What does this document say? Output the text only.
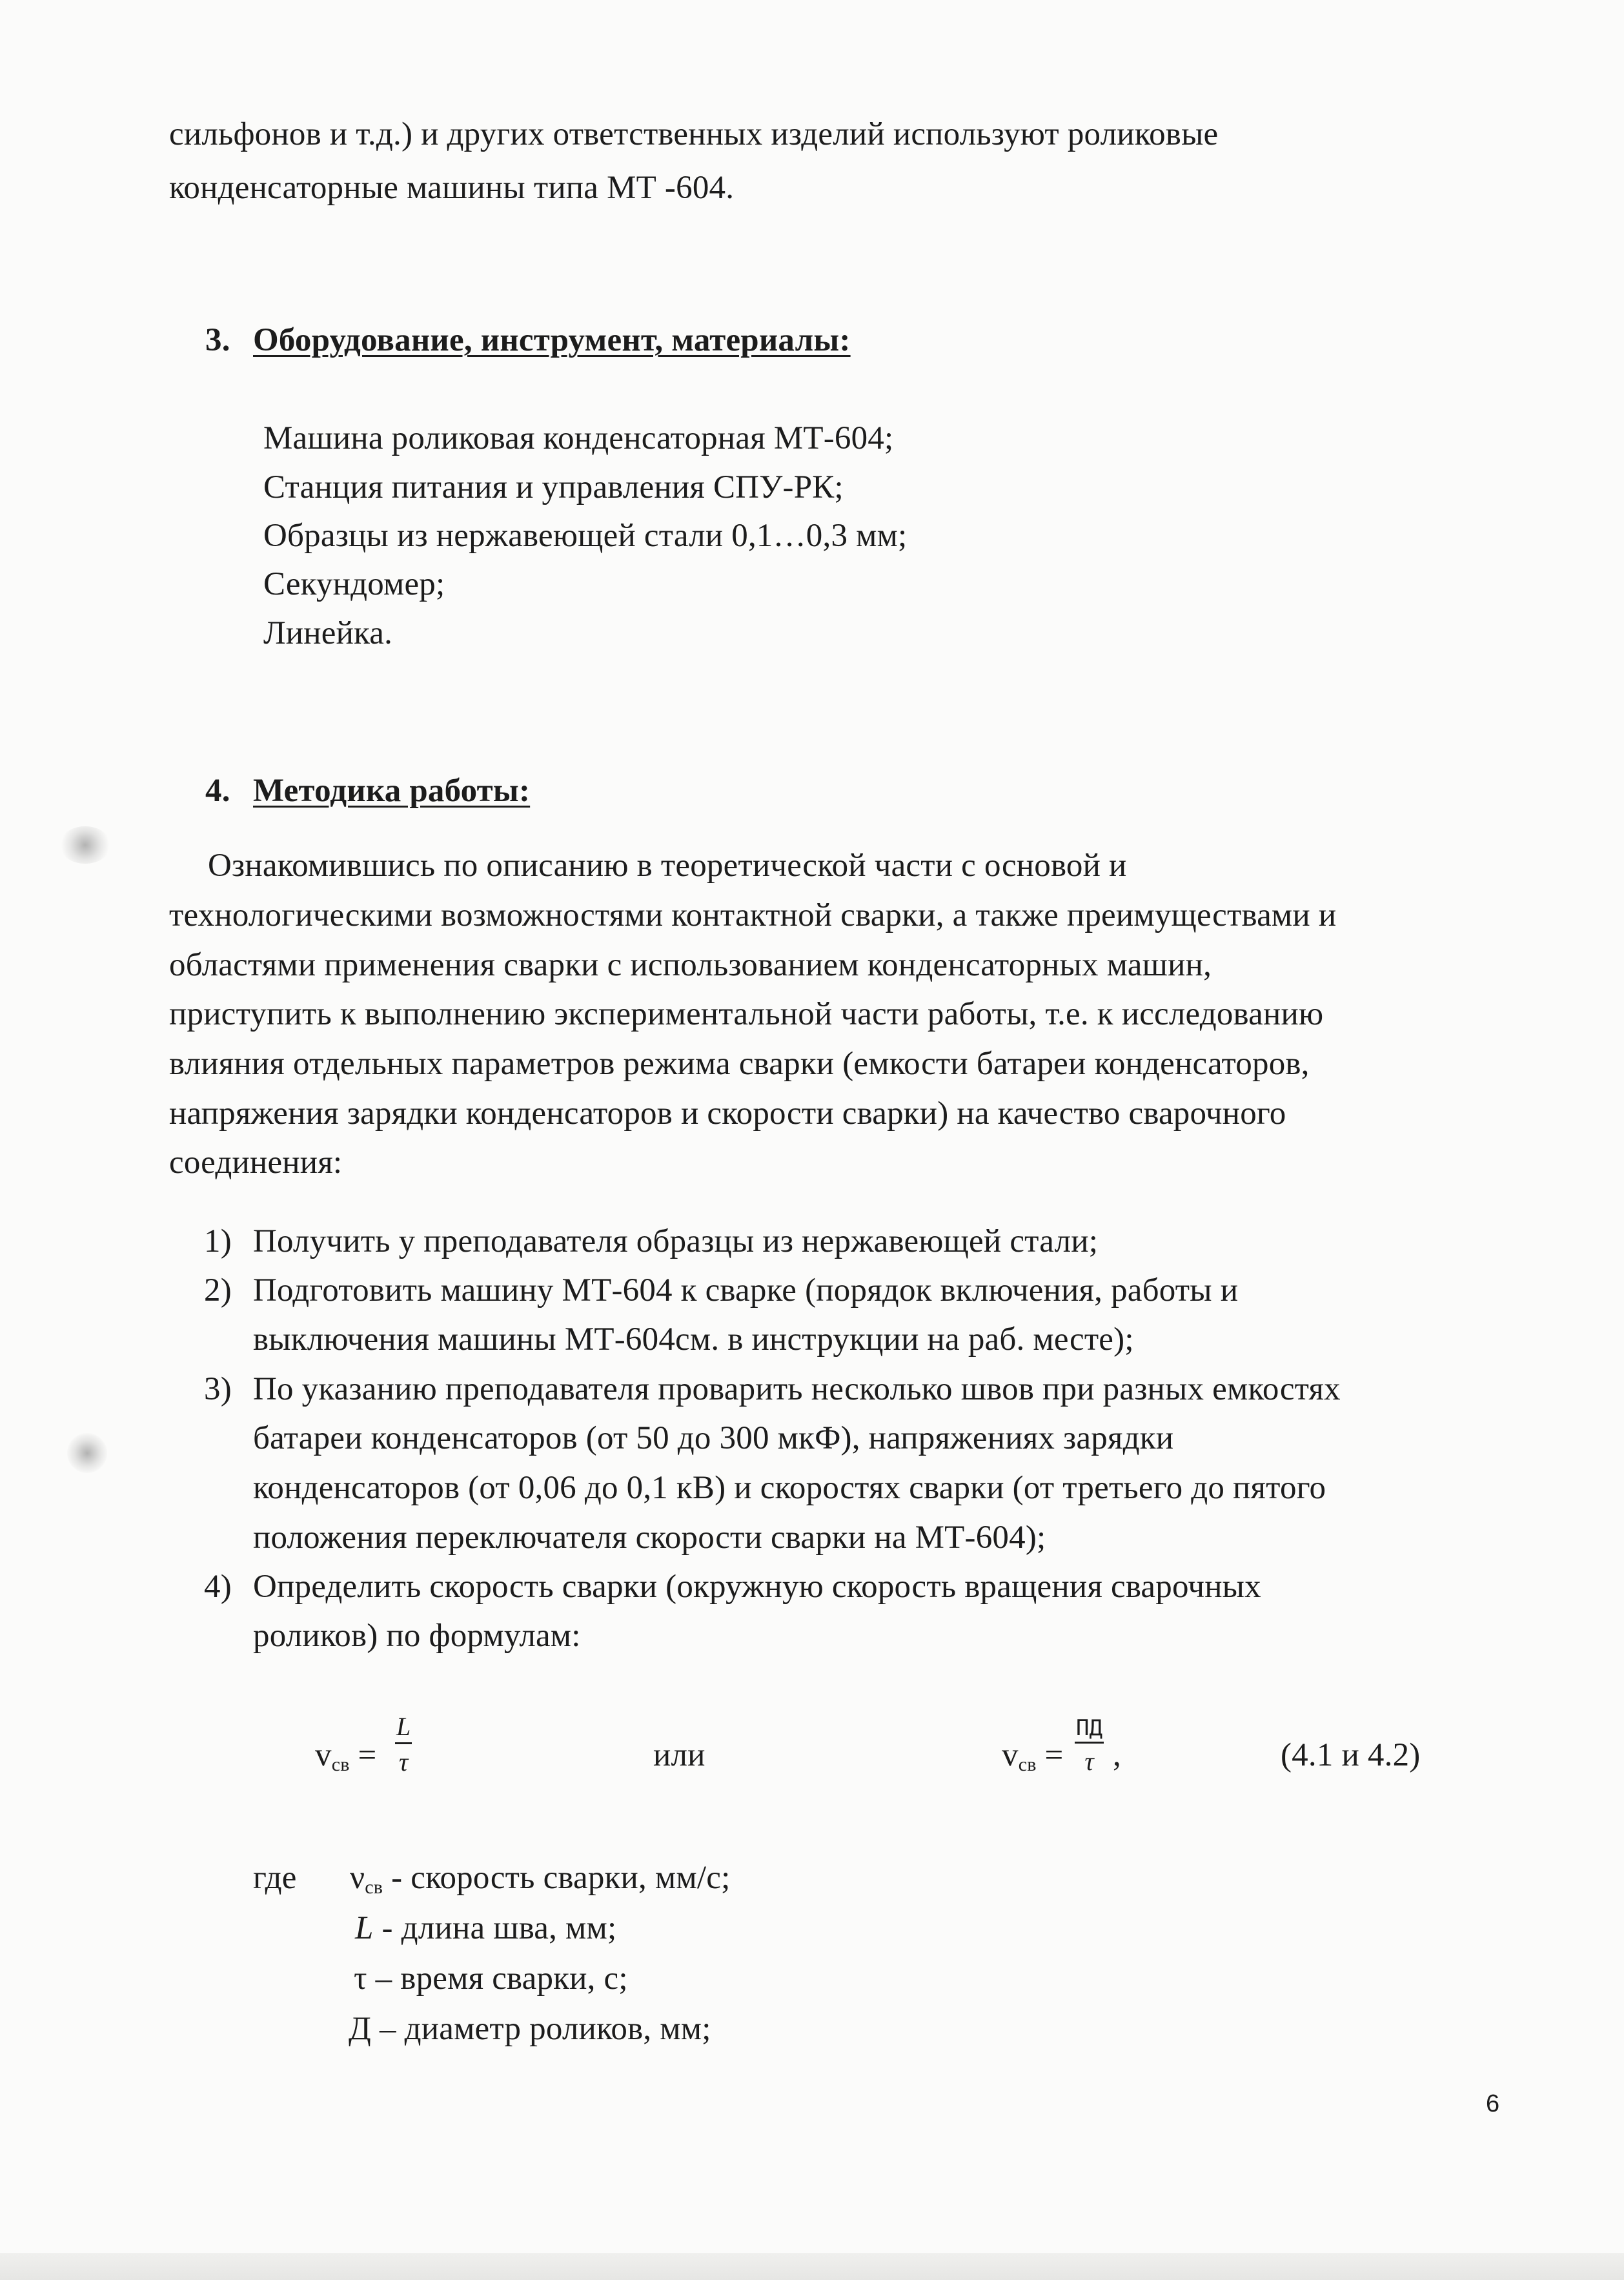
сильфонов и т.д.) и других ответственных изделий используют роликовые
конденсаторные машины типа МТ -604.
3. Оборудование, инструмент, материалы:
Машина роликовая конденсаторная МТ-604;
Станция питания и управления СПУ-РК;
Образцы из нержавеющей стали 0,1…0,3 мм;
Секундомер;
Линейка.
4. Методика работы:
Ознакомившись по описанию в теоретической части с основой и
технологическими возможностями контактной сварки, а также преимуществами и
областями применения сварки с использованием конденсаторных машин,
приступить к выполнению экспериментальной части работы, т.е. к исследованию
влияния отдельных параметров режима сварки (емкости батареи конденсаторов,
напряжения зарядки конденсаторов и скорости сварки) на качество сварочного
соединения:
1) Получить у преподавателя образцы из нержавеющей стали;
2) Подготовить машину МТ-604 к сварке (порядок включения, работы и
выключения машины МТ-604см. в инструкции на раб. месте);
3) По указанию преподавателя проварить несколько швов при разных емкостях
батареи конденсаторов (от 50 до 300 мкФ), напряжениях зарядки
конденсаторов (от 0,06 до 0,1 кВ) и скоростях сварки (от третьего до пятого
положения переключателя скорости сварки на МТ-604);
4) Определить скорость сварки (окружную скорость вращения сварочных
роликов) по формулам:
vсв =
L
τ	или	vсв =
ПД
τ ,	(4.1 и 4.2)
где νсв - скорость сварки, мм/с;
L - длина шва, мм;
τ – время сварки, с;
Д – диаметр роликов, мм;
6
